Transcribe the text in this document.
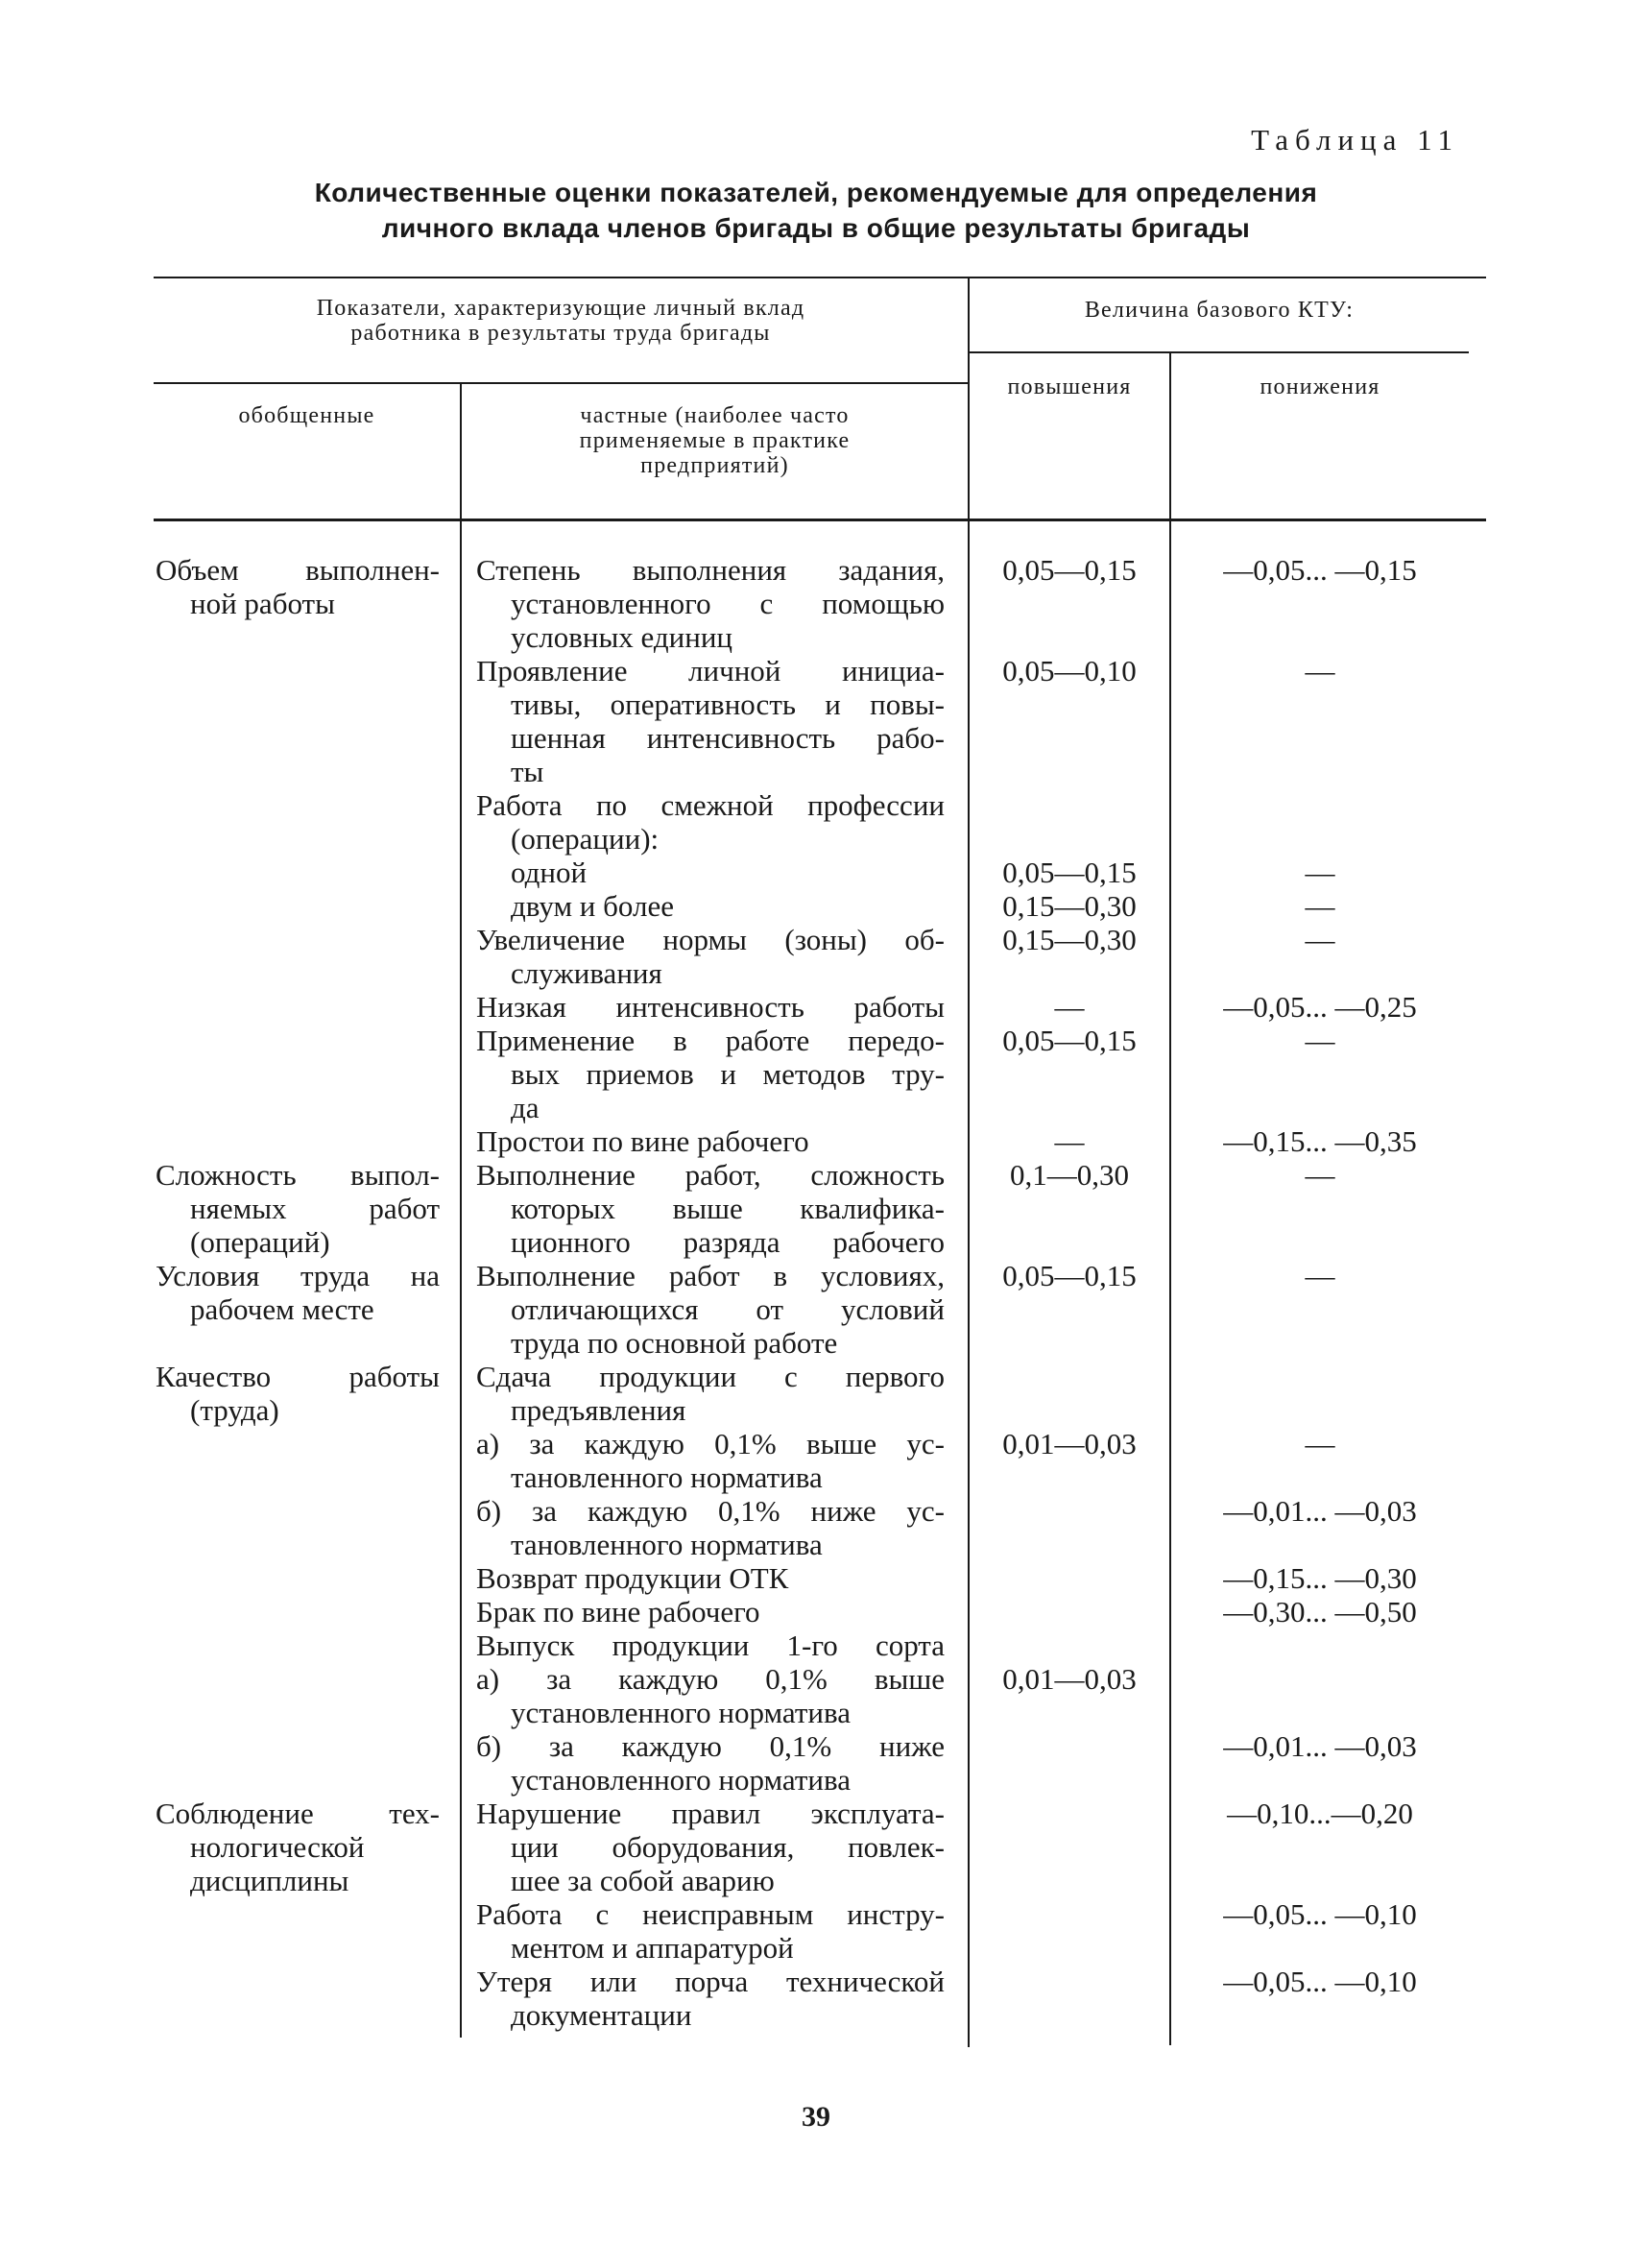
Таблица 11
Количественные оценки показателей, рекомендуемые для определения
личного вклада членов бригады в общие результаты бригады
Показатели, характеризующие личный вклад
работника в результаты труда бригады
Величина базового КТУ:
обобщенные	частные (наиболее часто
применяемые в практике
предприятий)
повышения	понижения
Объем выполнен-
ной работы
Сложность выпол-
няемых работ
(операций)
Условия труда на
рабочем месте
Качество работы
(труда)
Соблюдение тех-
нологической
дисциплины
Степень выполнения задания,
установленного с помощью
условных единиц
Проявление личной инициа-
тивы, оперативность и повы-
шенная интенсивность рабо-
ты
Работа по смежной профессии
(операции):
одной
двум и более
Увеличение нормы (зоны) об-
служивания
Низкая интенсивность работы
Применение в работе передо-
вых приемов и методов тру-
да
Простои по вине рабочего
Выполнение работ, сложность
которых выше квалифика-
ционного разряда рабочего
Выполнение работ в условиях,
отличающихся от условий
труда по основной работе
Сдача продукции с первого
предъявления
а) за каждую 0,1% выше ус-
тановленного норматива
б) за каждую 0,1% ниже ус-
тановленного норматива
Возврат продукции ОТК
Брак по вине рабочего
Выпуск продукции 1-го сорта
а) за каждую 0,1% выше
установленного норматива
б) за каждую 0,1% ниже
установленного норматива
Нарушение правил эксплуата-
ции оборудования, повлек-
шее за собой аварию
Работа с неисправным инстру-
ментом и аппаратурой
Утеря или порча технической
документации
0,05—0,15
0,05—0,10
0,05—0,15
0,15—0,30
0,15—0,30
—
0,05—0,15
—
0,1—0,30
0,05—0,15
0,01—0,03
0,01—0,03
—0,05... —0,15
—
—
—
—
—0,05... —0,25
—
—0,15... —0,35
—
—
—
—0,01... —0,03
—0,15... —0,30
—0,30... —0,50
—0,01... —0,03
—0,10...—0,20
—0,05... —0,10
—0,05... —0,10
39
